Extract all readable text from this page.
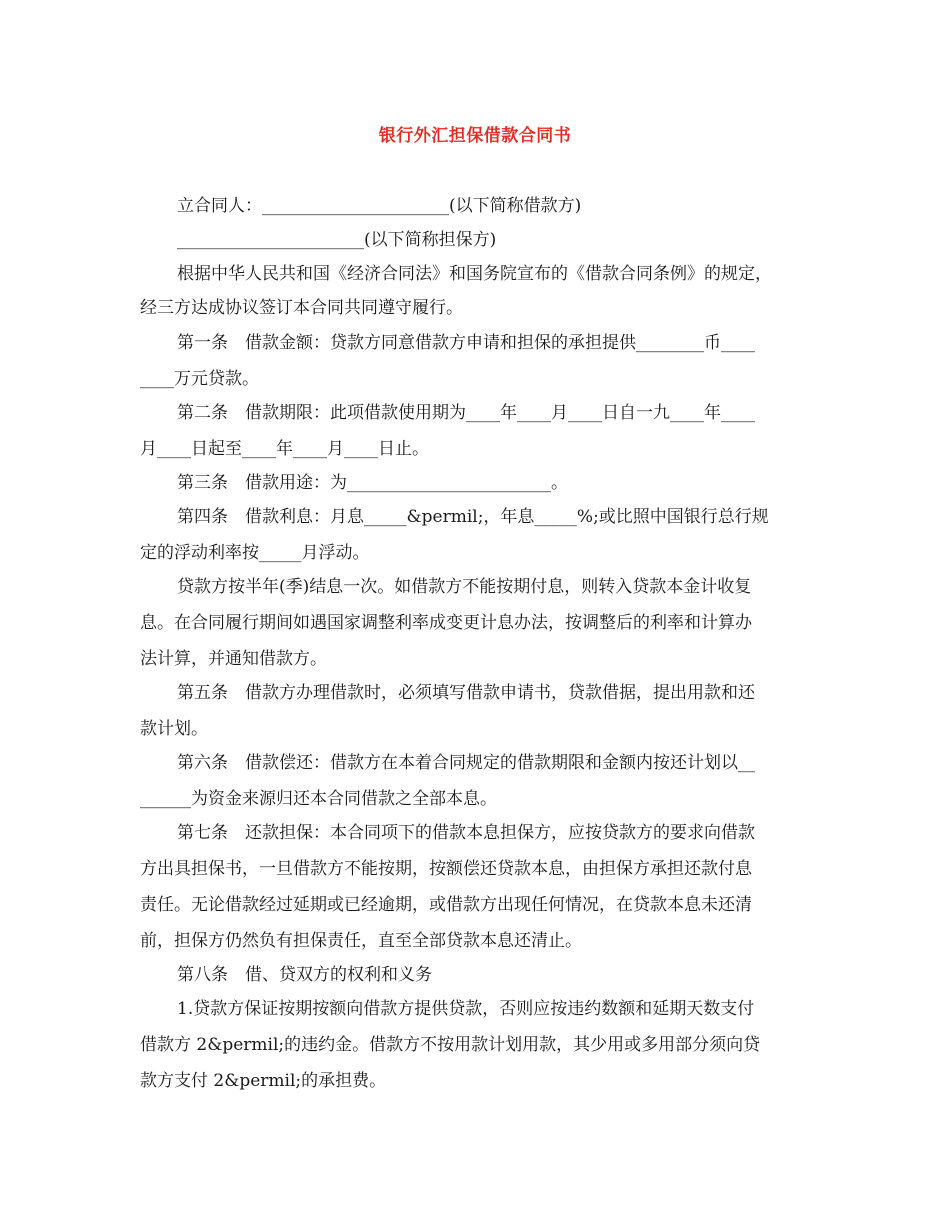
银行外汇担保借款合同书
立合同人：______________________(以下简称借款方)
______________________(以下简称担保方)
根据中华人民共和国《经济合同法》和国务院宣布的《借款合同条例》的规定，
经三方达成协议签订本合同共同遵守履行。
第一条　借款金额：贷款方同意借款方申请和担保的承担提供________币____
____万元贷款。
第二条　借款期限：此项借款使用期为____年____月____日自一九____年____
月____日起至____年____月____日止。
第三条　借款用途：为________________________。
第四条　借款利息：月息_____&permil;，年息_____%;或比照中国银行总行规
定的浮动利率按_____月浮动。
贷款方按半年(季)结息一次。如借款方不能按期付息，则转入贷款本金计收复
息。在合同履行期间如遇国家调整利率成变更计息办法，按调整后的利率和计算办
法计算，并通知借款方。
第五条　借款方办理借款时，必须填写借款申请书，贷款借据，提出用款和还
款计划。
第六条　借款偿还：借款方在本着合同规定的借款期限和金额内按还计划以__
______为资金来源归还本合同借款之全部本息。
第七条　还款担保：本合同项下的借款本息担保方，应按贷款方的要求向借款
方出具担保书，一旦借款方不能按期，按额偿还贷款本息，由担保方承担还款付息
责任。无论借款经过延期或已经逾期，或借款方出现任何情况，在贷款本息未还清
前，担保方仍然负有担保责任，直至全部贷款本息还清止。
第八条　借、贷双方的权利和义务
1.贷款方保证按期按额向借款方提供贷款，否则应按违约数额和延期天数支付
借款方 2&permil;的违约金。借款方不按用款计划用款，其少用或多用部分须向贷
款方支付 2&permil;的承担费。
